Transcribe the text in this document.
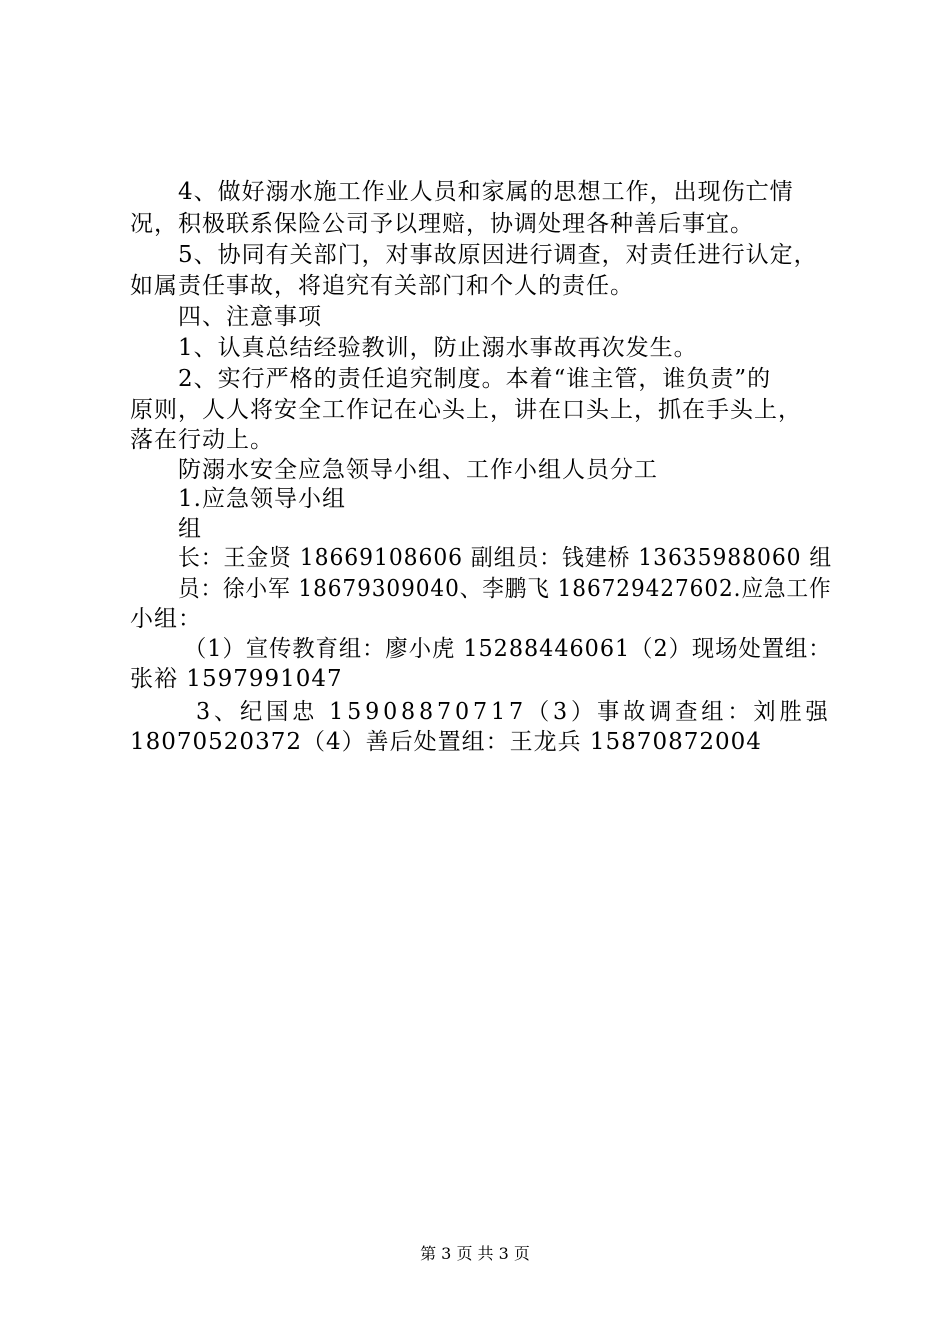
4、做好溺水施工作业人员和家属的思想工作，出现伤亡情
况，积极联系保险公司予以理赔，协调处理各种善后事宜。
5、协同有关部门，对事故原因进行调查，对责任进行认定，
如属责任事故，将追究有关部门和个人的责任。
四、注意事项
1、认真总结经验教训，防止溺水事故再次发生。
2、实行严格的责任追究制度。本着“谁主管，谁负责”的
原则，人人将安全工作记在心头上，讲在口头上，抓在手头上，
落在行动上。
防溺水安全应急领导小组、工作小组人员分工
1.应急领导小组
组
长：王金贤 18669108606 副组员：钱建桥 13635988060 组
员：徐小军 18679309040、李鹏飞 186729427602.应急工作
小组：
（1）宣传教育组：廖小虎 15288446061（2）现场处置组：
张裕 1597991047
3、纪国忠 15908870717（3）事故调查组：刘胜强
18070520372（4）善后处置组：王龙兵 15870872004
第 3 页 共 3 页
